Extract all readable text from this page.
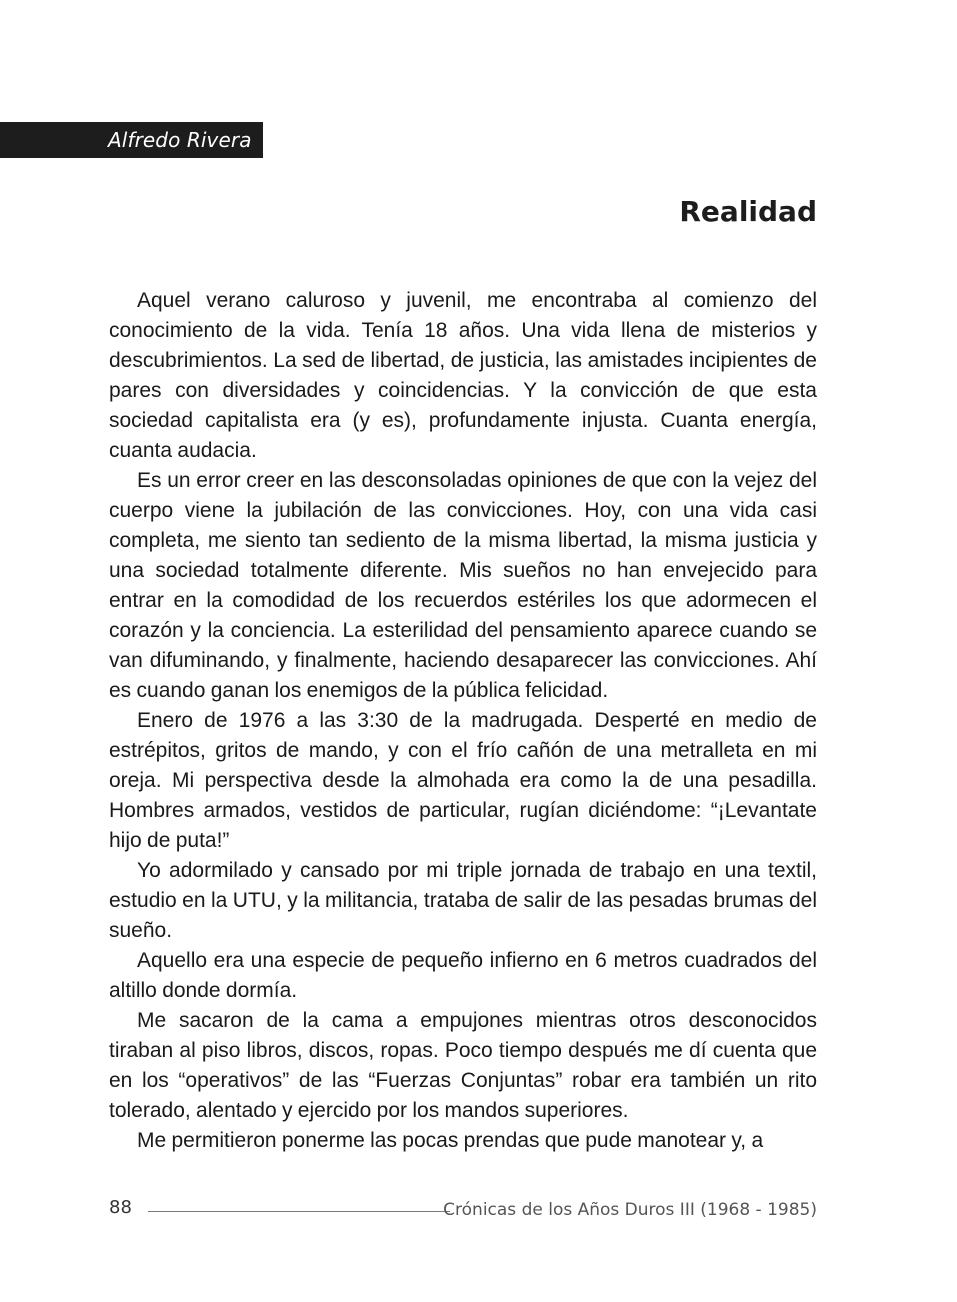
Alfredo Rivera
Realidad

Aquel verano caluroso y juvenil, me encontraba al comienzo del conocimiento de la vida. Tenía 18 años. Una vida llena de misterios y descubrimientos. La sed de libertad, de justicia, las amistades incipientes de pares con diversidades y coincidencias. Y la convicción de que esta sociedad capitalista era (y es), profundamente injusta. Cuanta energía, cuanta audacia.

Es un error creer en las desconsoladas opiniones de que con la vejez del cuerpo viene la jubilación de las convicciones. Hoy, con una vida casi completa, me siento tan sediento de la misma libertad, la misma justicia y una sociedad totalmente diferente. Mis sueños no han envejecido para entrar en la comodidad de los recuerdos estériles los que adormecen el corazón y la conciencia. La esterilidad del pensamiento aparece cuando se van difuminando, y finalmente, haciendo desaparecer las convicciones. Ahí es cuando ganan los enemigos de la pública felicidad.

Enero de 1976 a las 3:30 de la madrugada. Desperté en medio de estrépitos, gritos de mando, y con el frío cañón de una metralleta en mi oreja. Mi perspectiva desde la almohada era como la de una pesadilla. Hombres armados, vestidos de particular, rugían diciéndome: “¡Levantate hijo de puta!”

Yo adormilado y cansado por mi triple jornada de trabajo en una textil, estudio en la UTU, y la militancia, trataba de salir de las pesadas brumas del sueño.

Aquello era una especie de pequeño infierno en 6 metros cuadrados del altillo donde dormía.

Me sacaron de la cama a empujones mientras otros desconocidos tiraban al piso libros, discos, ropas. Poco tiempo después me dí cuenta que en los “operativos” de las “Fuerzas Conjuntas” robar era también un rito tolerado, alentado y ejercido por los mandos superiores.

Me permitieron ponerme las pocas prendas que pude manotear y, a

88	Crónicas de los Años Duros III (1968 - 1985)
